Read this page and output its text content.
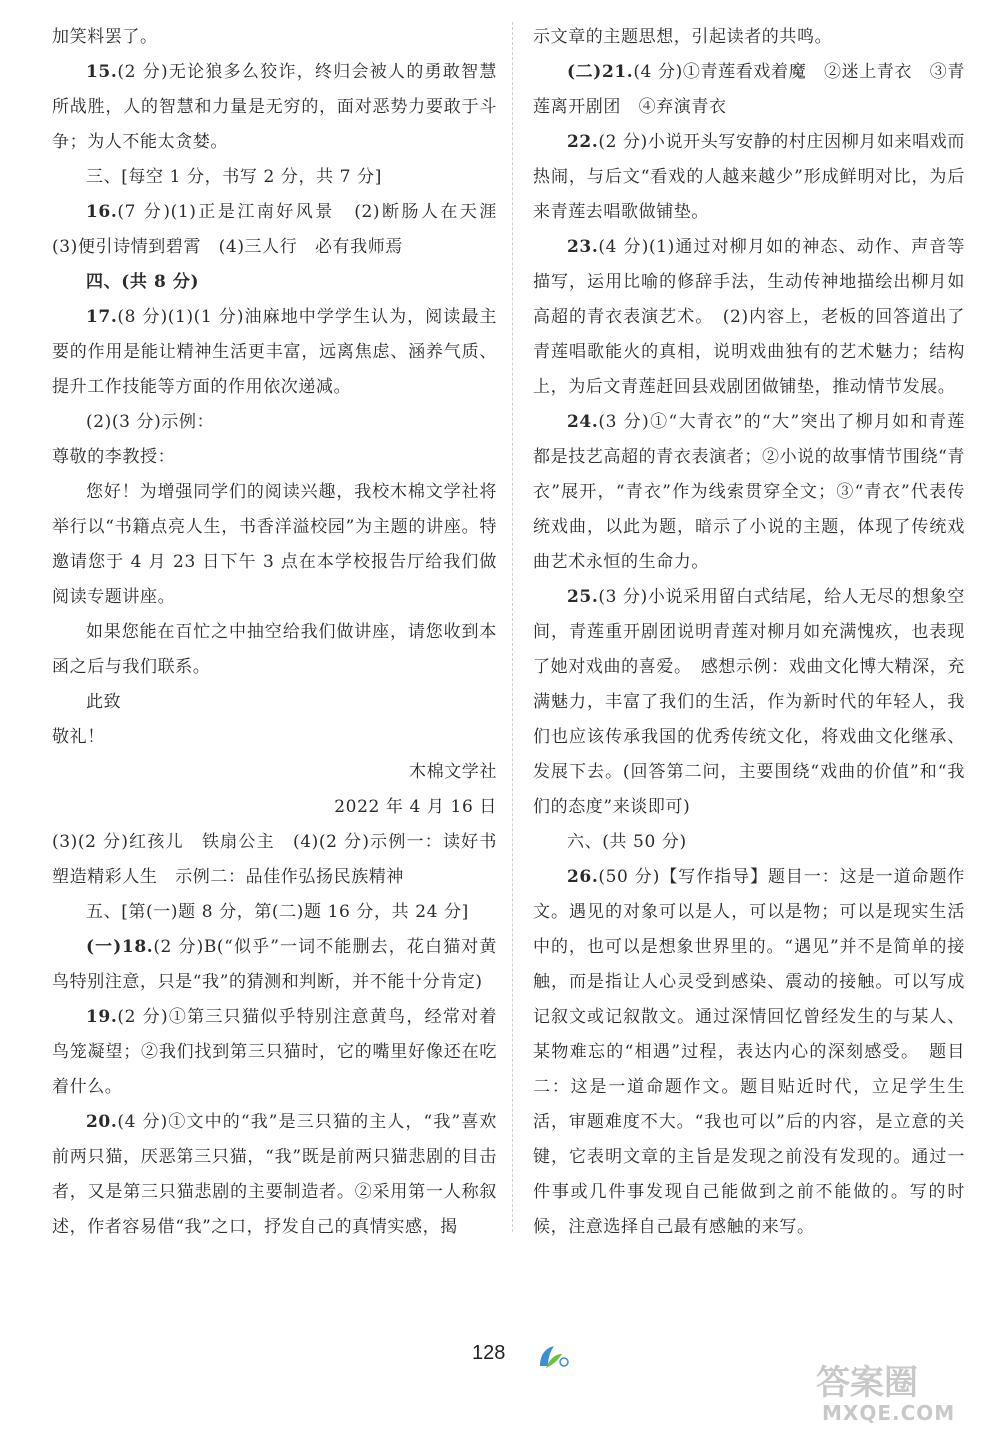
加笑料罢了。

15.(2 分)无论狼多么狡诈，终归会被人的勇敢智慧所战胜，人的智慧和力量是无穷的，面对恶势力要敢于斗争；为人不能太贪婪。

三、[每空 1 分，书写 2 分，共 7 分]

16.(7 分)(1)正是江南好风景　(2)断肠人在天涯　(3)便引诗情到碧霄　(4)三人行　必有我师焉

四、(共 8 分)

17.(8 分)(1)(1 分)油麻地中学学生认为，阅读最主要的作用是能让精神生活更丰富，远离焦虑、涵养气质、提升工作技能等方面的作用依次递减。

(2)(3 分)示例：

尊敬的李教授：

您好！为增强同学们的阅读兴趣，我校木棉文学社将举行以“书籍点亮人生，书香洋溢校园”为主题的讲座。特邀请您于 4 月 23 日下午 3 点在本学校报告厅给我们做阅读专题讲座。

如果您能在百忙之中抽空给我们做讲座，请您收到本函之后与我们联系。

此致

敬礼！

木棉文学社

2022 年 4 月 16 日

(3)(2 分)红孩儿　铁扇公主　(4)(2 分)示例一：读好书塑造精彩人生　示例二：品佳作弘扬民族精神

五、[第(一)题 8 分，第(二)题 16 分，共 24 分]

(一)18.(2 分)B(“似乎”一词不能删去，花白猫对黄鸟特别注意，只是“我”的猜测和判断，并不能十分肯定)

19.(2 分)①第三只猫似乎特别注意黄鸟，经常对着鸟笼凝望；②我们找到第三只猫时，它的嘴里好像还在吃着什么。

20.(4 分)①文中的“我”是三只猫的主人，“我”喜欢前两只猫，厌恶第三只猫，“我”既是前两只猫悲剧的目击者，又是第三只猫悲剧的主要制造者。②采用第一人称叙述，作者容易借“我”之口，抒发自己的真情实感，揭

示文章的主题思想，引起读者的共鸣。

(二)21.(4 分)①青莲看戏着魔　②迷上青衣　③青莲离开剧团　④弃演青衣

22.(2 分)小说开头写安静的村庄因柳月如来唱戏而热闹，与后文“看戏的人越来越少”形成鲜明对比，为后来青莲去唱歌做铺垫。

23.(4 分)(1)通过对柳月如的神态、动作、声音等描写，运用比喻的修辞手法，生动传神地描绘出柳月如高超的青衣表演艺术。　(2)内容上，老板的回答道出了青莲唱歌能火的真相，说明戏曲独有的艺术魅力；结构上，为后文青莲赶回县戏剧团做铺垫，推动情节发展。

24.(3 分)①“大青衣”的“大”突出了柳月如和青莲都是技艺高超的青衣表演者；②小说的故事情节围绕“青衣”展开，“青衣”作为线索贯穿全文；③“青衣”代表传统戏曲，以此为题，暗示了小说的主题，体现了传统戏曲艺术永恒的生命力。

25.(3 分)小说采用留白式结尾，给人无尽的想象空间，青莲重开剧团说明青莲对柳月如充满愧疚，也表现了她对戏曲的喜爱。　感想示例：戏曲文化博大精深，充满魅力，丰富了我们的生活，作为新时代的年轻人，我们也应该传承我国的优秀传统文化，将戏曲文化继承、发展下去。(回答第二问，主要围绕“戏曲的价值”和“我们的态度”来谈即可)

六、(共 50 分)

26.(50 分)【写作指导】题目一：这是一道命题作文。遇见的对象可以是人，可以是物；可以是现实生活中的，也可以是想象世界里的。“遇见”并不是简单的接触，而是指让人心灵受到感染、震动的接触。可以写成记叙文或记叙散文。通过深情回忆曾经发生的与某人、某物难忘的“相遇”过程，表达内心的深刻感受。　题目二：这是一道命题作文。题目贴近时代，立足学生生活，审题难度不大。“我也可以”后的内容，是立意的关键，它表明文章的主旨是发现之前没有发现的。通过一件事或几件事发现自己能做到之前不能做的。写的时候，注意选择自己最有感触的来写。

128
答案圈
MXQE.COM
